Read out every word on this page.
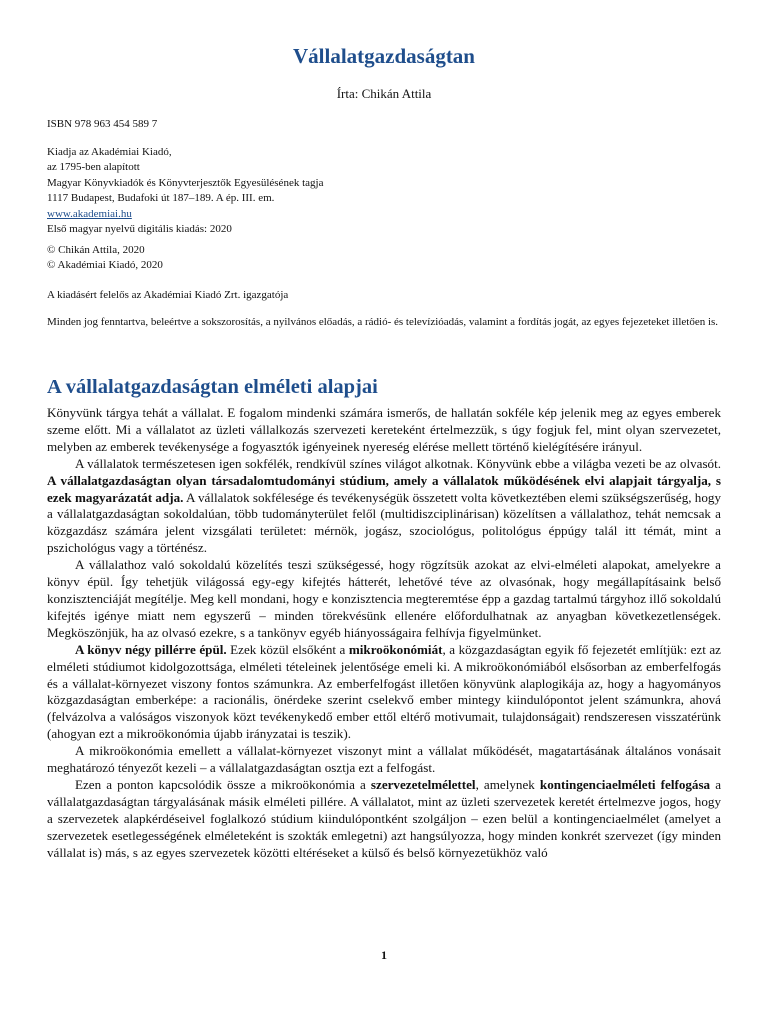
Vállalatgazdaságtan
Írta: Chikán Attila
ISBN 978 963 454 589 7
Kiadja az Akadémiai Kiadó,
az 1795-ben alapított
Magyar Könyvkiadók és Könyvterjesztők Egyesülésének tagja
1117 Budapest, Budafoki út 187–189. A ép. III. em.
www.akademiai.hu
Első magyar nyelvű digitális kiadás: 2020
© Chikán Attila, 2020
© Akadémiai Kiadó, 2020
A kiadásért felelős az Akadémiai Kiadó Zrt. igazgatója
Minden jog fenntartva, beleértve a sokszorosítás, a nyilvános előadás, a rádió- és televízióadás, valamint a fordítás jogát, az egyes fejezeteket illetően is.
A vállalatgazdaságtan elméleti alapjai

Könyvünk tárgya tehát a vállalat. E fogalom mindenki számára ismerős, de hallatán sokféle kép jelenik meg az egyes emberek szeme előtt. Mi a vállalatot az üzleti vállalkozás szervezeti kereteként értelmezzük, s úgy fogjuk fel, mint olyan szervezetet, melyben az emberek tevékenysége a fogyasztók igényeinek nyereség elérése mellett történő kielégítésére irányul.

A vállalatok természetesen igen sokfélék, rendkívül színes világot alkotnak. Könyvünk ebbe a világba vezeti be az olvasót. A vállalatgazdaságtan olyan társadalomtudományi stúdium, amely a vállalatok működésének elvi alapjait tárgyalja, s ezek magyarázatát adja. A vállalatok sokfélesége és tevékenységük összetett volta következtében elemi szükségszerűség, hogy a vállalatgazdaságtan sokoldalúan, több tudományterület felől (multidiszciplinárisan) közelítsen a vállalathoz, tehát nemcsak a közgazdász számára jelent vizsgálati területet: mérnök, jogász, szociológus, politológus éppúgy talál itt témát, mint a pszichológus vagy a történész.

A vállalathoz való sokoldalú közelítés teszi szükségessé, hogy rögzítsük azokat az elvi-elméleti alapokat, amelyekre a könyv épül. Így tehetjük világossá egy-egy kifejtés hátterét, lehetővé téve az olvasónak, hogy megállapításaink belső konzisztenciáját megítélje. Meg kell mondani, hogy e konzisztencia megteremtése épp a gazdag tartalmú tárgyhoz illő sokoldalú kifejtés igénye miatt nem egyszerű – minden törekvésünk ellenére előfordulhatnak az anyagban következetlenségek. Megköszönjük, ha az olvasó ezekre, s a tankönyv egyéb hiányosságaira felhívja figyelmünket.

A könyv négy pillérre épül. Ezek közül elsőként a mikroökonómiát, a közgazdaságtan egyik fő fejezetét említjük: ezt az elméleti stúdiumot kidolgozottsága, elméleti tételeinek jelentősége emeli ki. A mikroökonómiából elsősorban az emberfelfogás és a vállalat-környezet viszony fontos számunkra. Az emberfelfogást illetően könyvünk alaplogikája az, hogy a hagyományos közgazdaságtan emberképe: a racionális, önérdeke szerint cselekvő ember mintegy kiindulópontot jelent számunkra, ahová (felvázolva a valóságos viszonyok közt tevékenykedő ember ettől eltérő motivumait, tulajdonságait) rendszeresen visszatérünk (ahogyan ezt a mikroökonómia újabb irányzatai is teszik).

A mikroökonómia emellett a vállalat-környezet viszonyt mint a vállalat működését, magatartásának általános vonásait meghatározó tényezőt kezeli – a vállalatgazdaságtan osztja ezt a felfogást.

Ezen a ponton kapcsolódik össze a mikroökonómia a szervezetelmélettel, amelynek kontingenciaelméleti felfogása a vállalatgazdaságtan tárgyalásának másik elméleti pillére. A vállalatot, mint az üzleti szervezetek keretét értelmezve jogos, hogy a szervezetek alapkérdéseivel foglalkozó stúdium kiindulópontként szolgáljon – ezen belül a kontingenciaelmélet (amelyet a szervezetek esetlegességének elméleteként is szokták emlegetni) azt hangsúlyozza, hogy minden konkrét szervezet (így minden vállalat is) más, s az egyes szervezetek közötti eltéréseket a külső és belső környezetükhöz való

1
